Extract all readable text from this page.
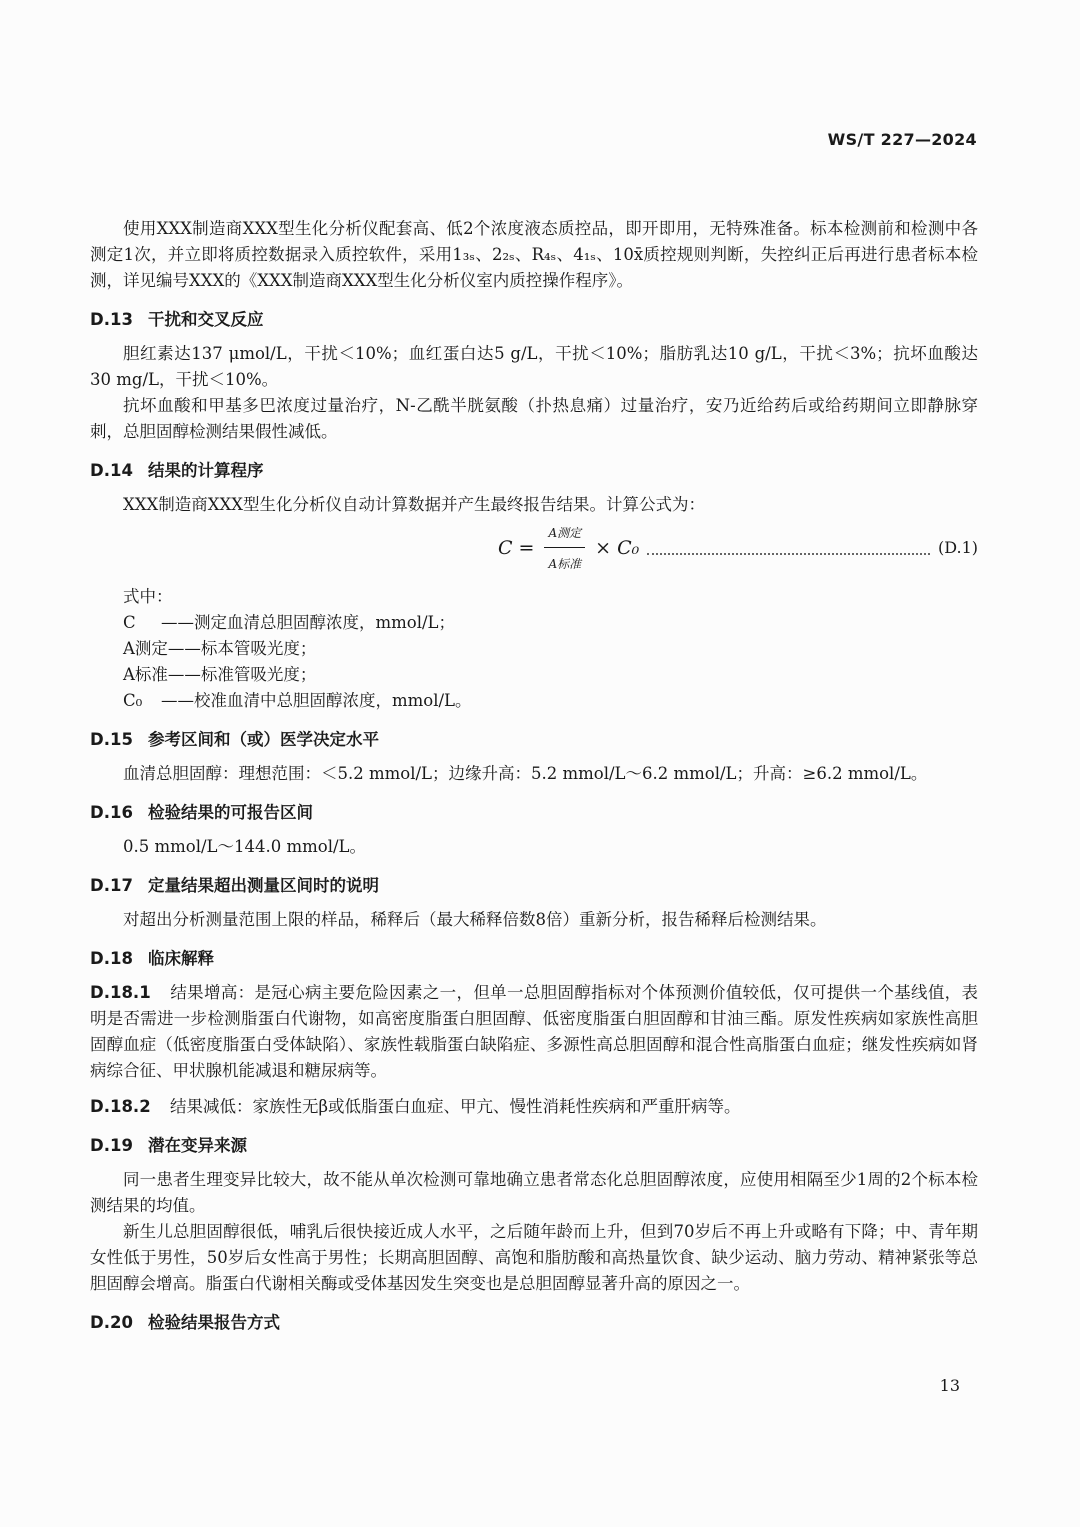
WS/T 227—2024

使用XXX制造商XXX型生化分析仪配套高、低2个浓度液态质控品，即开即用，无特殊准备。标本检测前和检测中各测定1次，并立即将质控数据录入质控软件，采用1₃ₛ、2₂ₛ、R₄ₛ、4₁ₛ、10x̄质控规则判断，失控纠正后再进行患者标本检测，详见编号XXX的《XXX制造商XXX型生化分析仪室内质控操作程序》。

D.13 干扰和交叉反应

胆红素达137 μmol/L，干扰＜10%；血红蛋白达5 g/L，干扰＜10%；脂肪乳达10 g/L，干扰＜3%；抗坏血酸达30 mg/L，干扰＜10%。

抗坏血酸和甲基多巴浓度过量治疗，N-乙酰半胱氨酸（扑热息痛）过量治疗，安乃近给药后或给药期间立即静脉穿刺，总胆固醇检测结果假性减低。

D.14 结果的计算程序

XXX制造商XXX型生化分析仪自动计算数据并产生最终报告结果。计算公式为：

$C = \frac{\text{A测定}}{\text{A标准}} \times C_0$	(D.1)

式中：

C ——测定血清总胆固醇浓度，mmol/L；

A测定——标本管吸光度；

A标准——标准管吸光度；

C₀ ——校准血清中总胆固醇浓度，mmol/L。

D.15 参考区间和（或）医学决定水平

血清总胆固醇：理想范围：＜5.2 mmol/L；边缘升高：5.2 mmol/L～6.2 mmol/L；升高：≥6.2 mmol/L。

D.16 检验结果的可报告区间

0.5 mmol/L～144.0 mmol/L。

D.17 定量结果超出测量区间时的说明

对超出分析测量范围上限的样品，稀释后（最大稀释倍数8倍）重新分析，报告稀释后检测结果。

D.18 临床解释

D.18.1 结果增高：是冠心病主要危险因素之一，但单一总胆固醇指标对个体预测价值较低，仅可提供一个基线值，表明是否需进一步检测脂蛋白代谢物，如高密度脂蛋白胆固醇、低密度脂蛋白胆固醇和甘油三酯。原发性疾病如家族性高胆固醇血症（低密度脂蛋白受体缺陷）、家族性载脂蛋白缺陷症、多源性高总胆固醇和混合性高脂蛋白血症；继发性疾病如肾病综合征、甲状腺机能减退和糖尿病等。

D.18.2 结果减低：家族性无β或低脂蛋白血症、甲亢、慢性消耗性疾病和严重肝病等。

D.19 潜在变异来源

同一患者生理变异比较大，故不能从单次检测可靠地确立患者常态化总胆固醇浓度，应使用相隔至少1周的2个标本检测结果的均值。

新生儿总胆固醇很低，哺乳后很快接近成人水平，之后随年龄而上升，但到70岁后不再上升或略有下降；中、青年期女性低于男性，50岁后女性高于男性；长期高胆固醇、高饱和脂肪酸和高热量饮食、缺少运动、脑力劳动、精神紧张等总胆固醇会增高。脂蛋白代谢相关酶或受体基因发生突变也是总胆固醇显著升高的原因之一。

D.20 检验结果报告方式
13
